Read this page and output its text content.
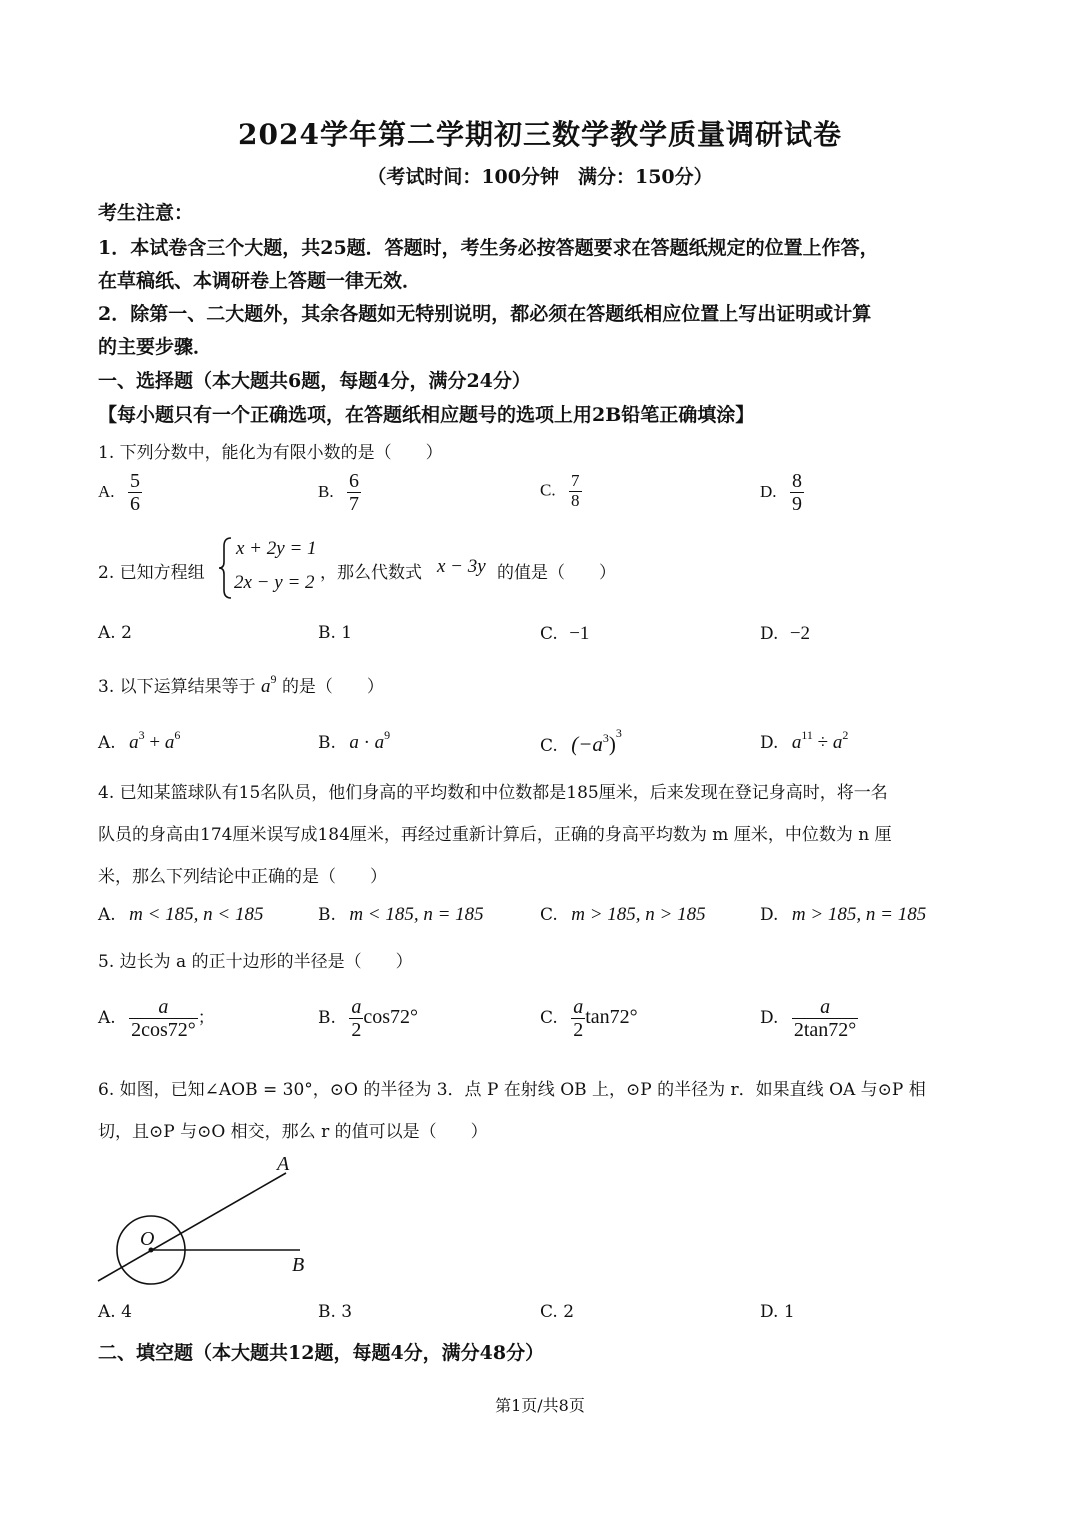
2024学年第二学期初三数学教学质量调研试卷
（考试时间：100分钟　满分：150分）
考生注意：
1．本试卷含三个大题，共25题．答题时，考生务必按答题要求在答题纸规定的位置上作答，
在草稿纸、本调研卷上答题一律无效．
2．除第一、二大题外，其余各题如无特别说明，都必须在答题纸相应位置上写出证明或计算
的主要步骤．
一、选择题（本大题共6题，每题4分，满分24分）
【每小题只有一个正确选项，在答题纸相应题号的选项上用2B铅笔正确填涂】
1. 下列分数中，能化为有限小数的是（　　）
A. $\frac{5}{6}$	B. $\frac{6}{7}$	C. $\frac{7}{8}$	D. $\frac{8}{9}$
2. 已知方程组
x + 2y = 1
2x − y = 2 ，那么代数式 x − 3y 的值是（　　）
A. 2	B. 1	C. −1	D. −2
3. 以下运算结果等于 $a^9$ 的是（　　）
A. $a^3 + a^6$	B. $a \cdot a^9$
C. $(-a^3)^3$	D. $a^{11} \div a^2$
4. 已知某篮球队有15名队员，他们身高的平均数和中位数都是185厘米，后来发现在登记身高时，将一名
队员的身高由174厘米误写成184厘米，再经过重新计算后，正确的身高平均数为 m 厘米，中位数为 n 厘
米，那么下列结论中正确的是（　　）
A. m < 185, n < 185	B. m < 185, n = 185	C. m > 185, n > 185	D. m > 185, n = 185
5. 边长为 a 的正十边形的半径是（　　）
A. $\frac{a}{2\cos 72^\circ}$ ；	B. $\frac{a}{2} \cos 72^\circ$	C. $\frac{a}{2} \tan 72^\circ$	D. $\frac{a}{2\tan 72^\circ}$
6. 如图，已知∠AOB = 30°，⊙O 的半径为 3．点 P 在射线 OB 上，⊙P 的半径为 r．如果直线 OA 与⊙P 相
切，且⊙P 与⊙O 相交，那么 r 的值可以是（　　）
A
O
B
A. 4	B. 3	C. 2	D. 1
二、填空题（本大题共12题，每题4分，满分48分）
第1页/共8页
